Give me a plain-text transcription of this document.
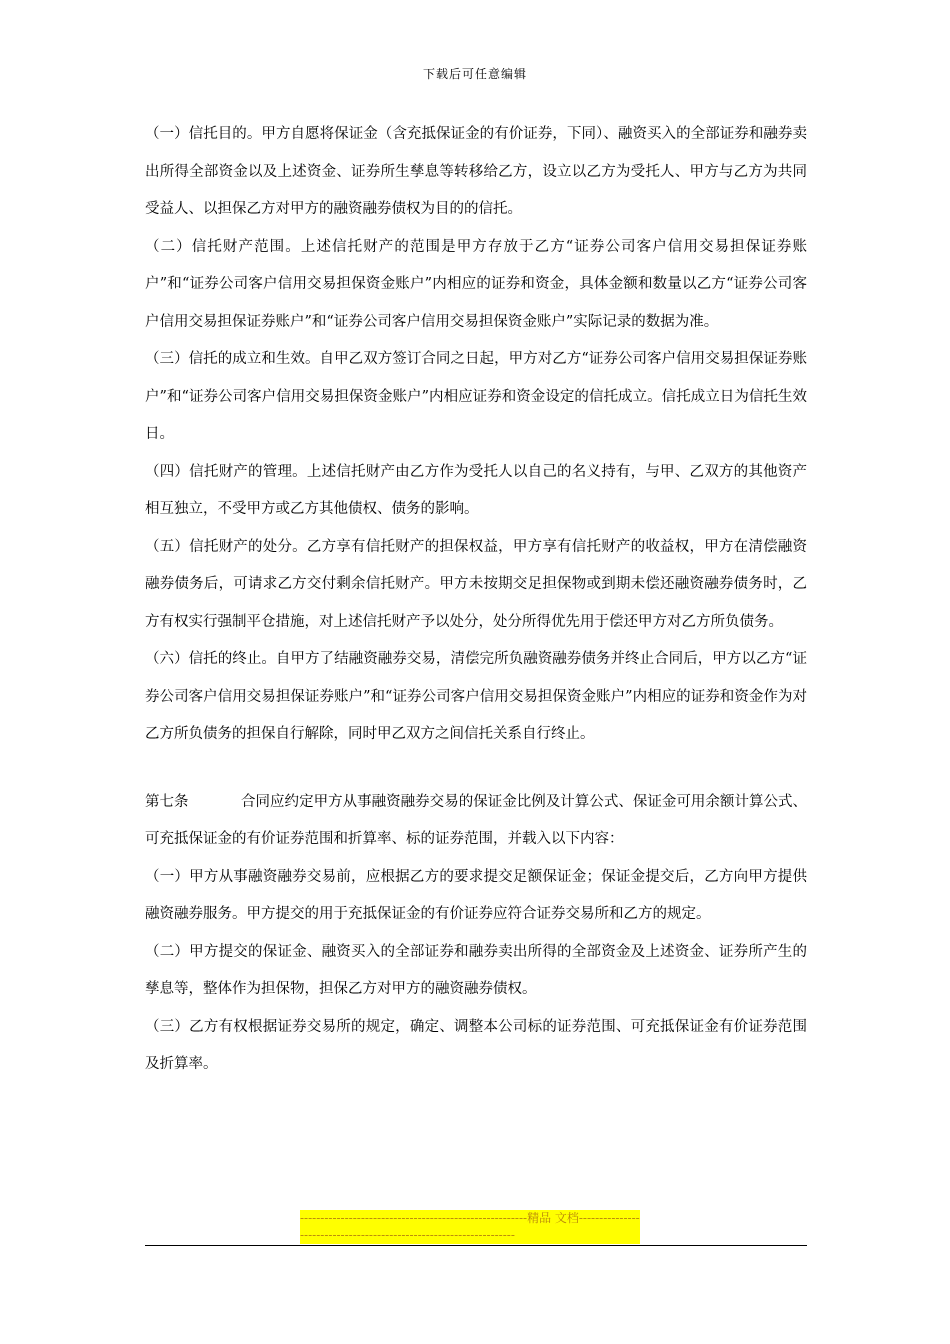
下载后可任意编辑

（一）信托目的。甲方自愿将保证金（含充抵保证金的有价证券，下同）、融资买入的全部证券和融券卖出所得全部资金以及上述资金、证券所生孳息等转移给乙方，设立以乙方为受托人、甲方与乙方为共同受益人、以担保乙方对甲方的融资融券债权为目的的信托。

（二）信托财产范围。上述信托财产的范围是甲方存放于乙方“证券公司客户信用交易担保证券账户”和“证券公司客户信用交易担保资金账户”内相应的证券和资金，具体金额和数量以乙方“证券公司客户信用交易担保证券账户”和“证券公司客户信用交易担保资金账户”实际记录的数据为准。

（三）信托的成立和生效。自甲乙双方签订合同之日起，甲方对乙方“证券公司客户信用交易担保证券账户”和“证券公司客户信用交易担保资金账户”内相应证券和资金设定的信托成立。信托成立日为信托生效日。

（四）信托财产的管理。上述信托财产由乙方作为受托人以自己的名义持有，与甲、乙双方的其他资产相互独立，不受甲方或乙方其他债权、债务的影响。

（五）信托财产的处分。乙方享有信托财产的担保权益，甲方享有信托财产的收益权，甲方在清偿融资融券债务后，可请求乙方交付剩余信托财产。甲方未按期交足担保物或到期未偿还融资融券债务时，乙方有权实行强制平仓措施，对上述信托财产予以处分，处分所得优先用于偿还甲方对乙方所负债务。

（六）信托的终止。自甲方了结融资融券交易，清偿完所负融资融券债务并终止合同后，甲方以乙方“证券公司客户信用交易担保证券账户”和“证券公司客户信用交易担保资金账户”内相应的证券和资金作为对乙方所负债务的担保自行解除，同时甲乙双方之间信托关系自行终止。

第七条	合同应约定甲方从事融资融券交易的保证金比例及计算公式、保证金可用余额计算公式、可充抵保证金的有价证券范围和折算率、标的证券范围，并载入以下内容：

（一）甲方从事融资融券交易前，应根据乙方的要求提交足额保证金；保证金提交后，乙方向甲方提供融资融券服务。甲方提交的用于充抵保证金的有价证券应符合证券交易所和乙方的规定。

（二）甲方提交的保证金、融资买入的全部证券和融券卖出所得的全部资金及上述资金、证券所产生的孳息等，整体作为担保物，担保乙方对甲方的融资融券债权。

（三）乙方有权根据证券交易所的规定，确定、调整本公司标的证券范围、可充抵保证金有价证券范围及折算率。

--------------------------------------------------------精品 文档--------------------------------------------------------------------
